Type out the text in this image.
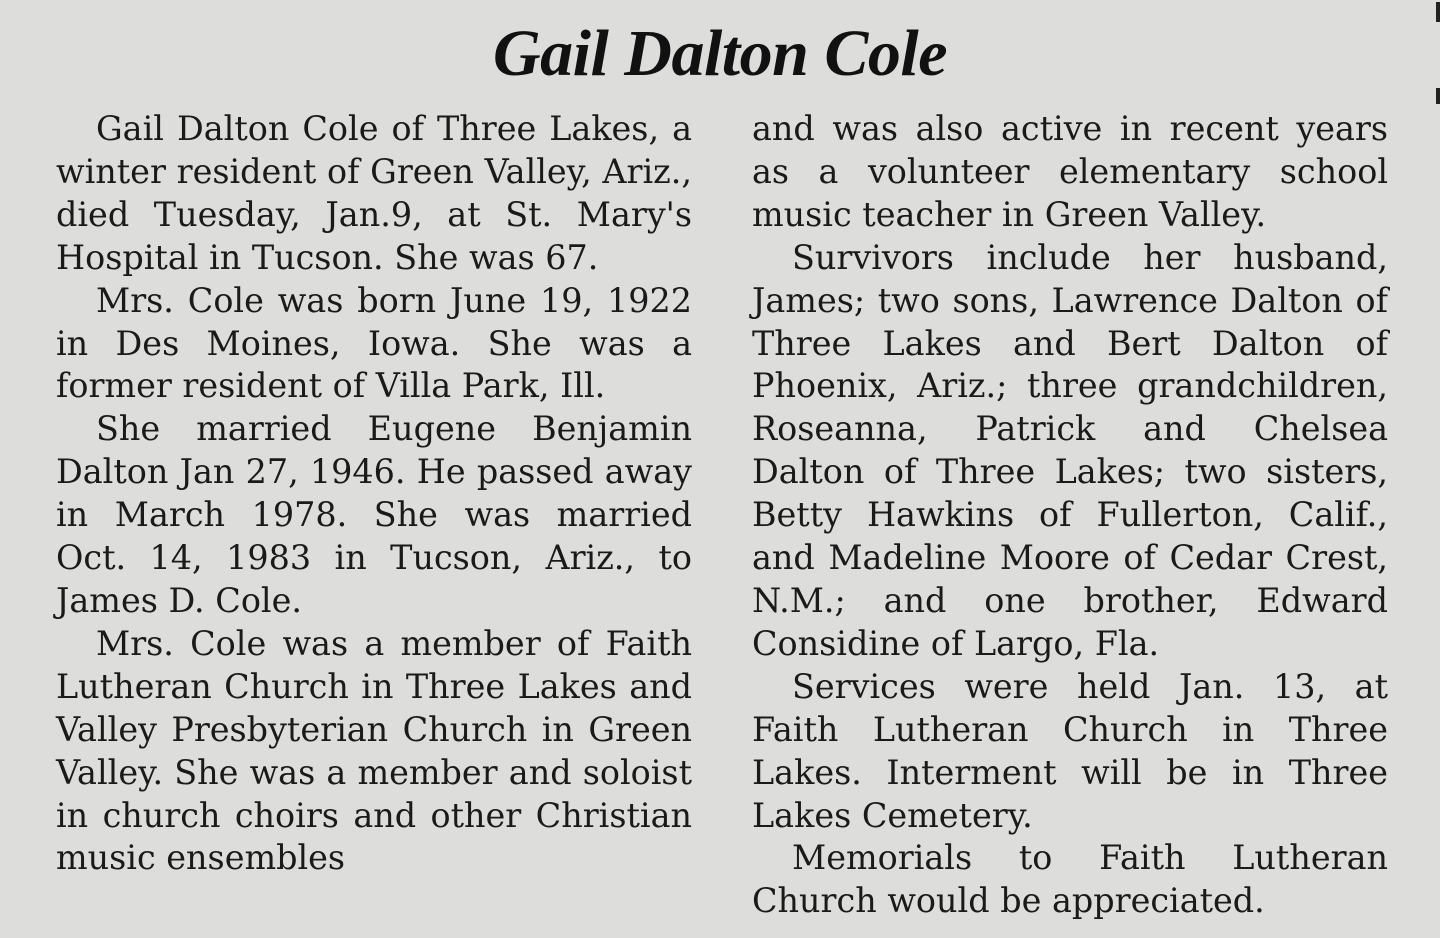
Gail Dalton Cole

Gail Dalton Cole of Three Lakes, a winter resident of Green Valley, Ariz., died Tuesday, Jan.9, at St. Mary's Hospital in Tucson. She was 67.

Mrs. Cole was born June 19, 1922 in Des Moines, Iowa. She was a former resident of Villa Park, Ill.

She married Eugene Benjamin Dalton Jan 27, 1946. He passed away in March 1978. She was married Oct. 14, 1983 in Tucson, Ariz., to James D. Cole.

Mrs. Cole was a member of Faith Lutheran Church in Three Lakes and Valley Presbyterian Church in Green Valley. She was a member and soloist in church choirs and other Christian music ensembles

and was also active in recent years as a volunteer elementary school music teacher in Green Valley.

Survivors include her husband, James; two sons, Lawrence Dalton of Three Lakes and Bert Dalton of Phoenix, Ariz.; three grandchildren, Roseanna, Patrick and Chelsea Dalton of Three Lakes; two sisters, Betty Hawkins of Fullerton, Calif., and Madeline Moore of Cedar Crest, N.M.; and one brother, Edward Considine of Largo, Fla.

Services were held Jan. 13, at Faith Lutheran Church in Three Lakes. Interment will be in Three Lakes Cemetery.

Memorials to Faith Lutheran Church would be appreciated.
